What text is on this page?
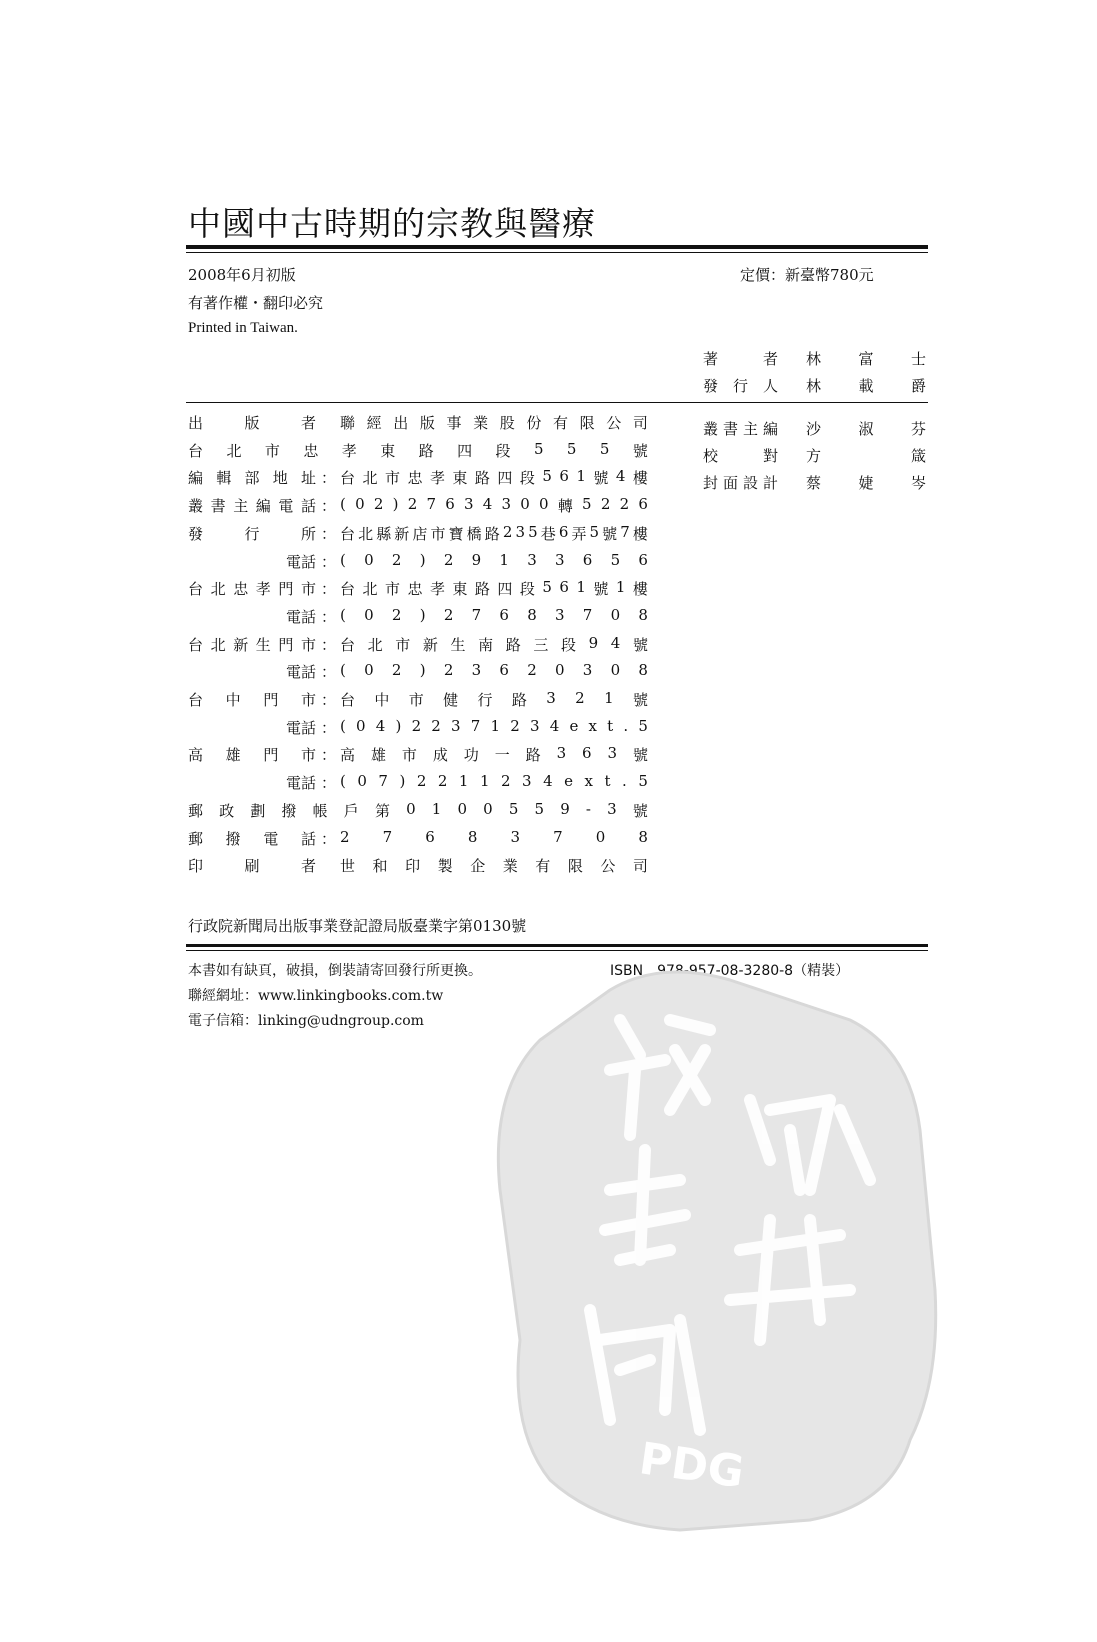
中國中古時期的宗教與醫療
2008年6月初版	定價：新臺幣780元
有著作權・翻印必究
Printed in Taiwan.
著	者 林 富 士
發 行 人 林 載 爵
叢 書 主 編 沙 淑 芬
校	對 方	箴
封 面 設 計 蔡 婕 岑
出	版	者 聯 經 出 版 事 業 股 份 有 限 公 司
台 北 市 忠 孝 東 路 四 段 5 5 5 號
編 輯 部 地 址 ： 台 北 市 忠 孝 東 路 四 段 5 6 1 號 4 樓
叢 書 主 編 電 話 ： ( 0 2 ) 2 7 6 3 4 3 0 0 轉 5 2 2 6
發	行	所 ： 台 北 縣 新 店 市 寶 橋 路 2 3 5 巷 6 弄 5 號 7 樓
電話 ： ( 0 2 ) 2 9 1 3 3 6 5 6
台 北 忠 孝 門 市 ： 台 北 市 忠 孝 東 路 四 段 5 6 1 號 1 樓
電話 ： ( 0 2 ) 2 7 6 8 3 7 0 8
台 北 新 生 門 市 ： 台 北 市 新 生 南 路 三 段 9 4 號
電話 ： ( 0 2 ) 2 3 6 2 0 3 0 8
台 中 門 市 ： 台 中 市 健 行 路 3 2 1 號
電話 ： ( 0 4 ) 2 2 3 7 1 2 3 4 e x t . 5
高 雄 門 市 ： 高 雄 市 成 功 一 路 3 6 3 號
電話 ： ( 0 7 ) 2 2 1 1 2 3 4 e x t . 5
郵 政 劃 撥 帳 戶 第 0 1 0 0 5 5 9 - 3 號
郵 撥 電 話 ： 2 7 6 8 3 7 0 8
印	刷	者 世 和 印 製 企 業 有 限 公 司
行政院新聞局出版事業登記證局版臺業字第0130號
本書如有缺頁，破損，倒裝請寄回發行所更換。	ISBN　978-957-08-3280-8（精裝）
聯經網址：www.linkingbooks.com.tw
電子信箱：linking@udngroup.com
PDG
